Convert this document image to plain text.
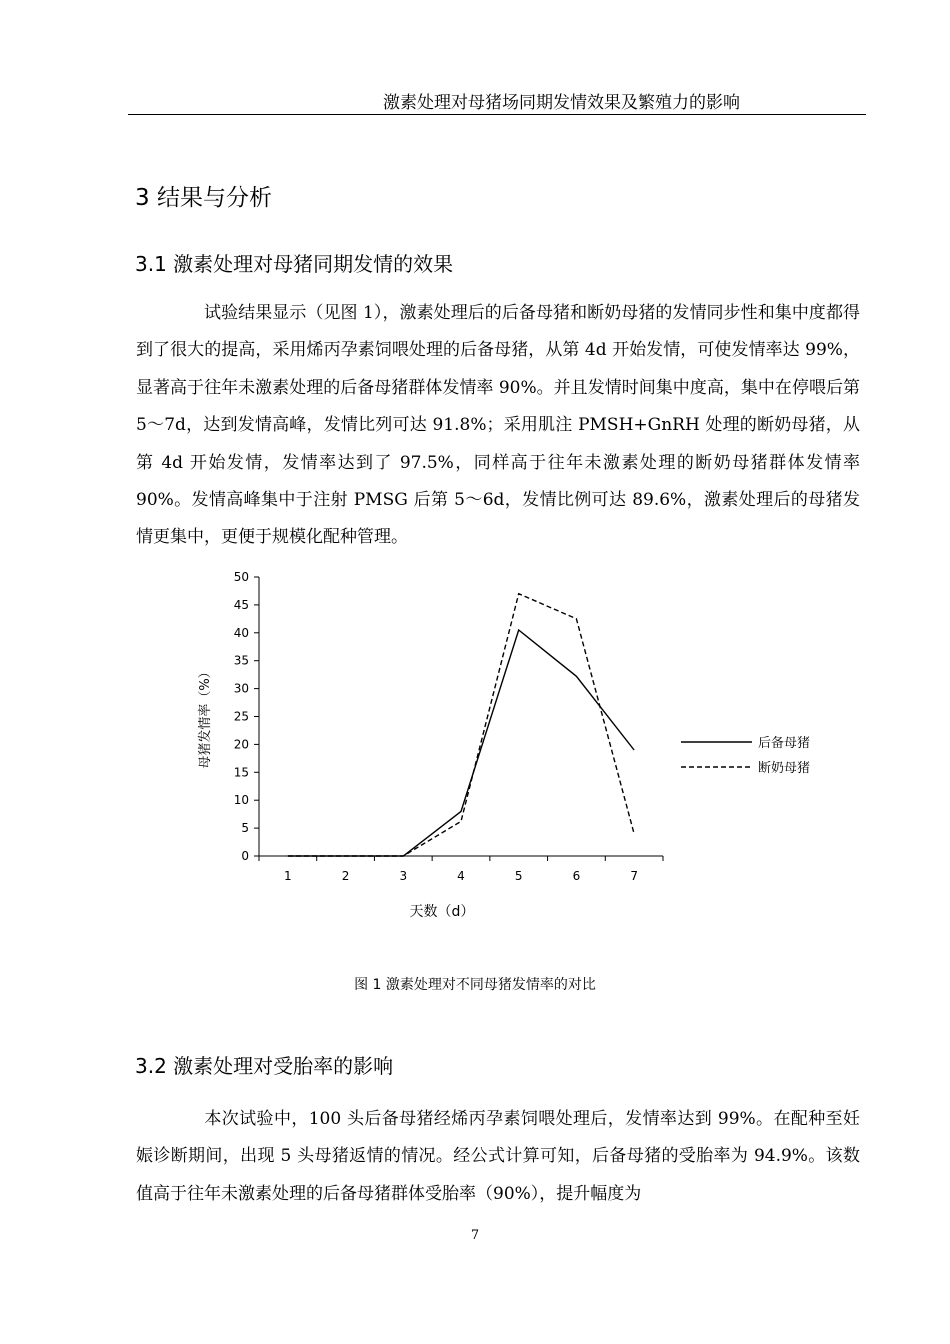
激素处理对母猪场同期发情效果及繁殖力的影响
3 结果与分析
3.1 激素处理对母猪同期发情的效果

试验结果显示（见图 1），激素处理后的后备母猪和断奶母猪的发情同步性和集中度都得到了很大的提高，采用烯丙孕素饲喂处理的后备母猪，从第 4d 开始发情，可使发情率达 99%，显著高于往年未激素处理的后备母猪群体发情率 90%。并且发情时间集中度高，集中在停喂后第 5～7d，达到发情高峰，发情比列可达 91.8%；采用肌注 PMSH+GnRH 处理的断奶母猪，从第 4d 开始发情，发情率达到了 97.5%，同样高于往年未激素处理的断奶母猪群体发情率 90%。发情高峰集中于注射 PMSG 后第 5～6d，发情比例可达 89.6%，激素处理后的母猪发情更集中，更便于规模化配种管理。

0
5
10
15
20
25
30
35
40
45
50
1	2	3	4	5	6	7
后备母猪
断奶母猪
母猪发情率（%）
天数（d）
图 1 激素处理对不同母猪发情率的对比
3.2 激素处理对受胎率的影响

本次试验中，100 头后备母猪经烯丙孕素饲喂处理后，发情率达到 99%。在配种至妊娠诊断期间，出现 5 头母猪返情的情况。经公式计算可知，后备母猪的受胎率为 94.9%。该数值高于往年未激素处理的后备母猪群体受胎率（90%），提升幅度为

7
